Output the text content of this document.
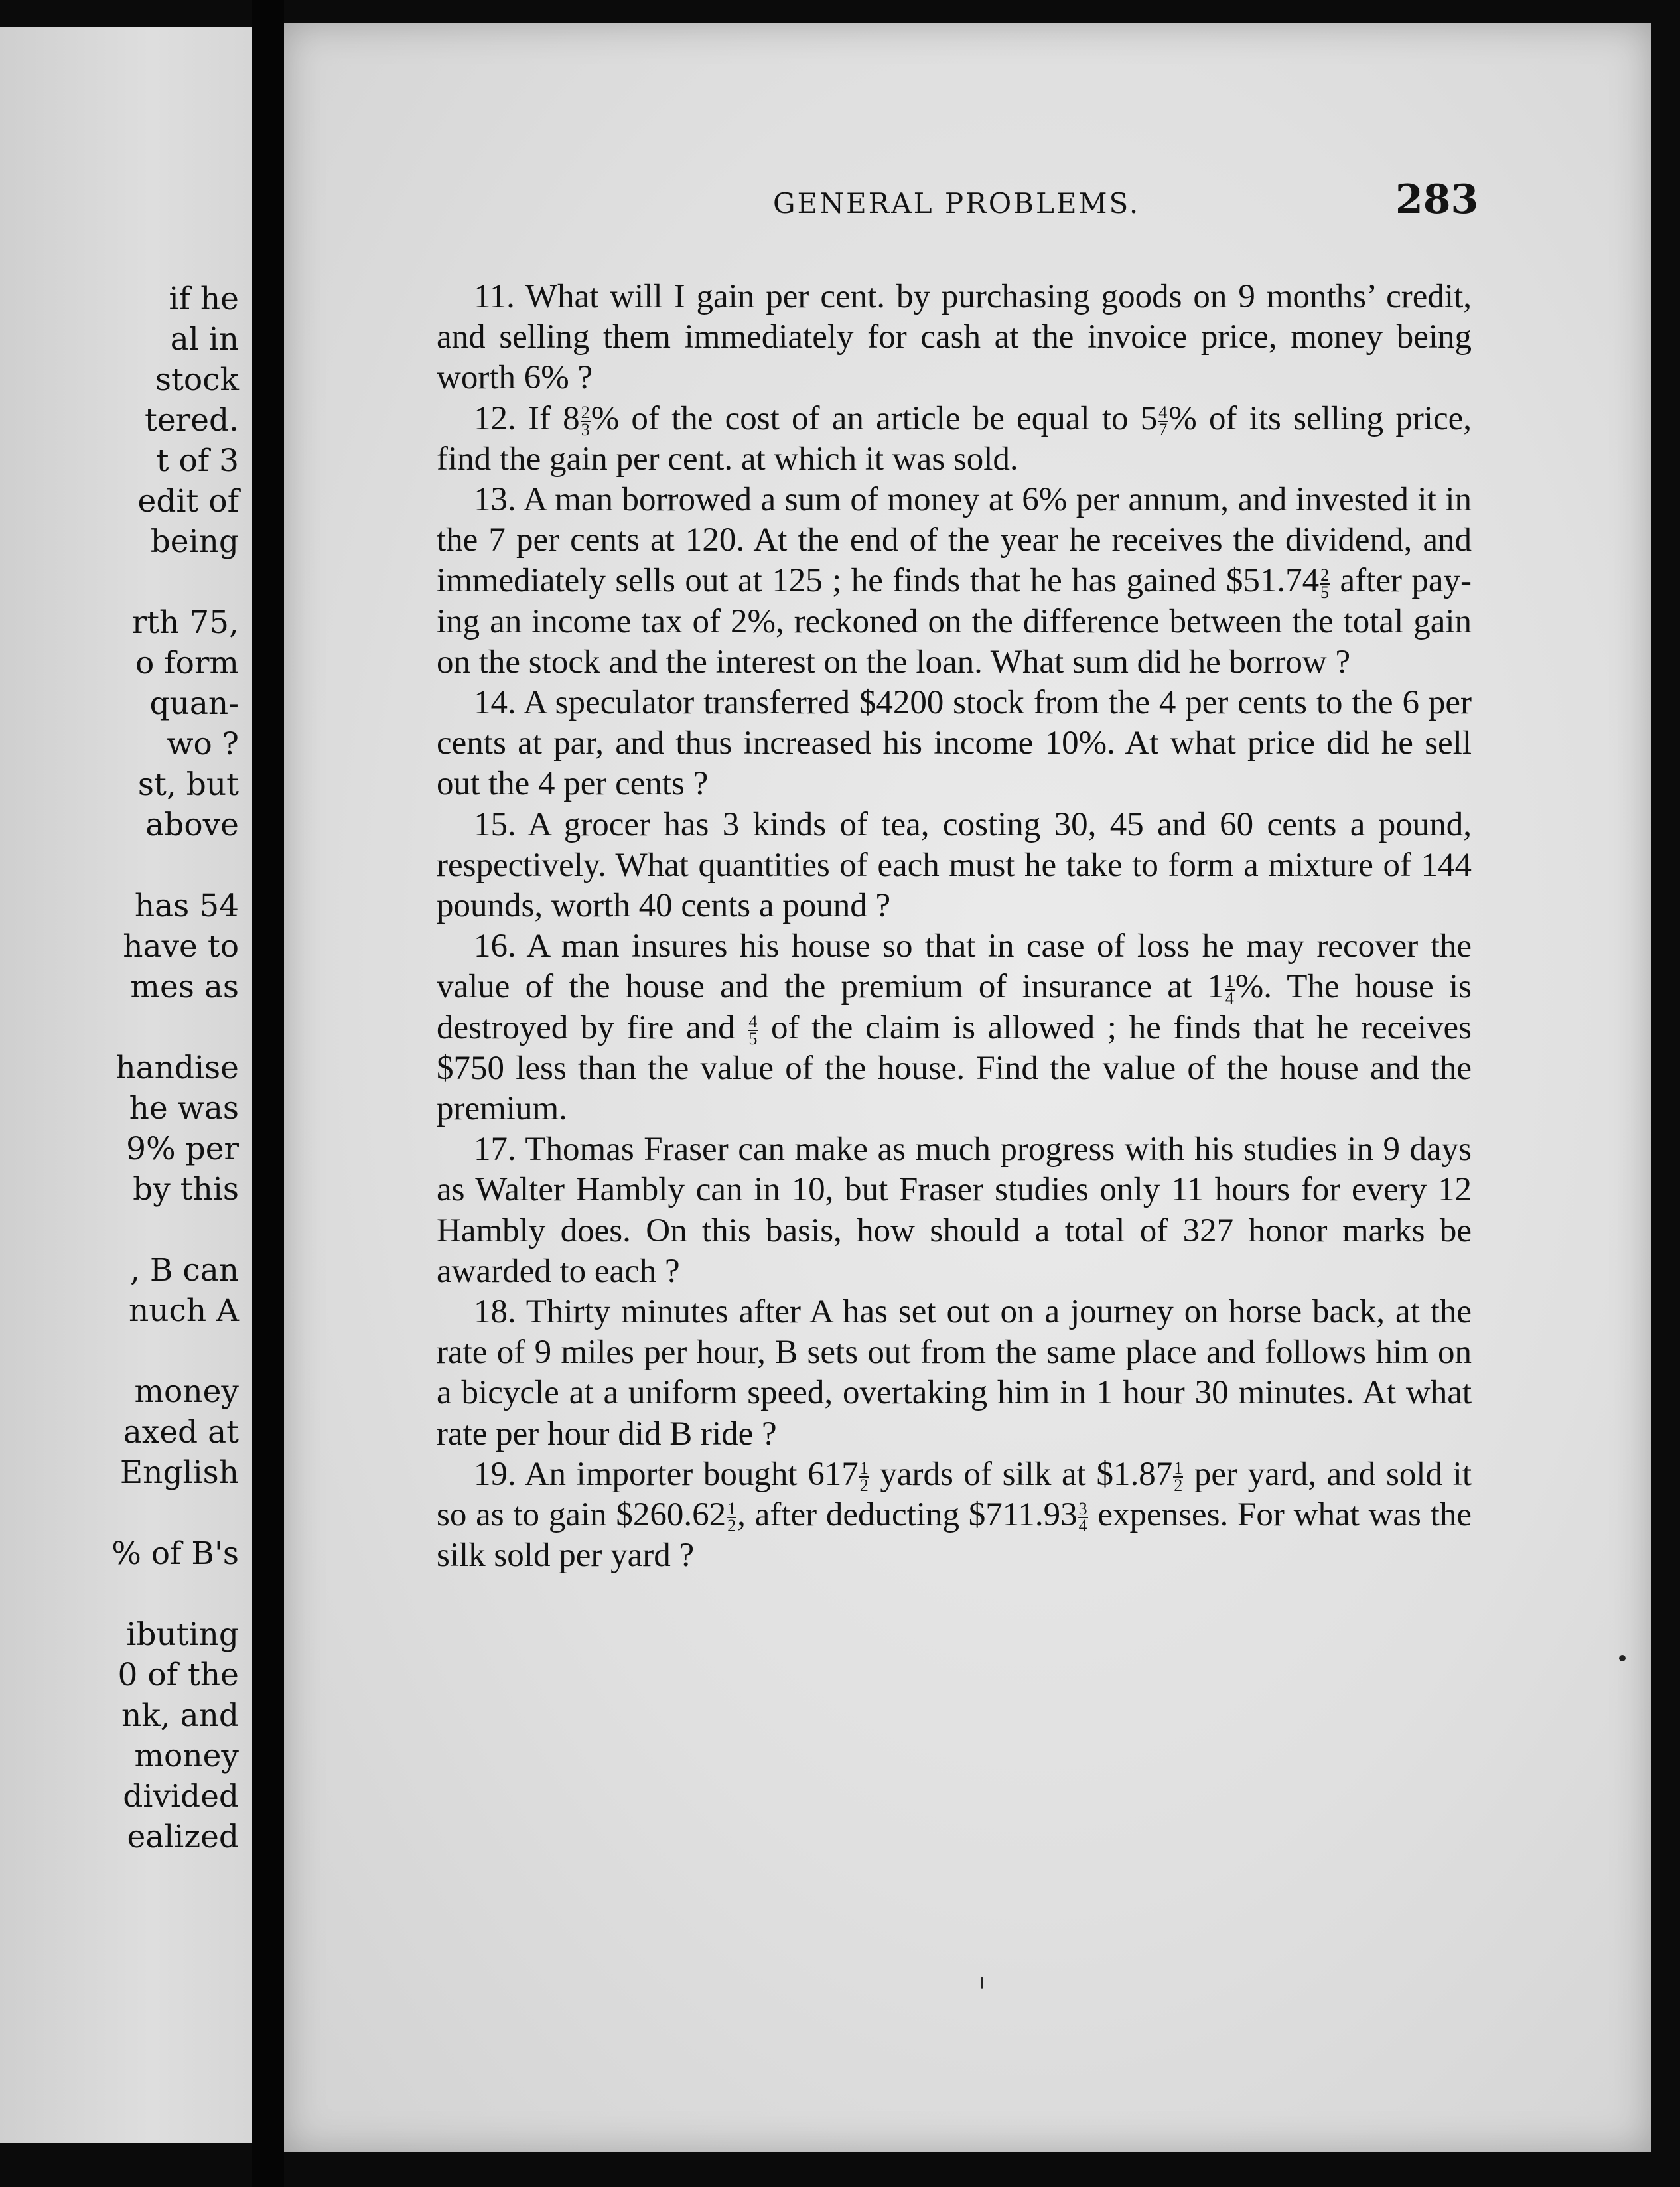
if he
al in
stock
tered.
t of 3
edit of
being
rth 75,
o form
quan-
wo ?
st, but
above
has 54
have to
mes as
handise
he was
9% per
by this
, B can
nuch A
money
axed at
English
% of B's
ibuting
0 of the
nk, and
money
divided
ealized
GENERAL PROBLEMS.	283

11. What will I gain per cent. by purchasing goods on 9 months’ credit, and selling them immediately for cash at the invoice price, money being worth 6% ?

12. If $8 \frac{2}{3}$ % of the cost of an article be equal to $5 \frac{4}{7}$ % of its selling price, find the gain per cent. at which it was sold.

13. A man borrowed a sum of money at 6% per annum, and invested it in the 7 per cents at 120. At the end of the year he receives the dividend, and immediately sells out at 125 ; he finds that he has gained $51.74 $\frac{2}{5}$ after paying an income tax of 2%, reckoned on the difference between the total gain on the stock and the interest on the loan. What sum did he borrow ?

14. A speculator transferred $4200 stock from the 4 per cents to the 6 per cents at par, and thus increased his income 10%. At what price did he sell out the 4 per cents ?

15. A grocer has 3 kinds of tea, costing 30, 45 and 60 cents a pound, respectively. What quantities of each must he take to form a mixture of 144 pounds, worth 40 cents a pound ?

16. A man insures his house so that in case of loss he may recover the value of the house and the premium of insurance at $1 \frac{1}{4}$ %. The house is destroyed by fire and $\frac{4}{5}$ of the claim is allowed ; he finds that he receives $750 less than the value of the house. Find the value of the house and the premium.

17. Thomas Fraser can make as much progress with his studies in 9 days as Walter Hambly can in 10, but Fraser studies only 11 hours for every 12 Hambly does. On this basis, how should a total of 327 honor marks be awarded to each ?

18. Thirty minutes after A has set out on a journey on horse back, at the rate of 9 miles per hour, B sets out from the same place and follows him on a bicycle at a uniform speed, overtaking him in 1 hour 30 minutes. At what rate per hour did B ride ?

19. An importer bought $617 \frac{1}{2}$ yards of silk at $1.87 $\frac{1}{2}$ per yard, and sold it so as to gain $260.62 $\frac{1}{2}$ , after deducting $711.93 $\frac{3}{4}$ expenses. For what was the silk sold per yard ?
